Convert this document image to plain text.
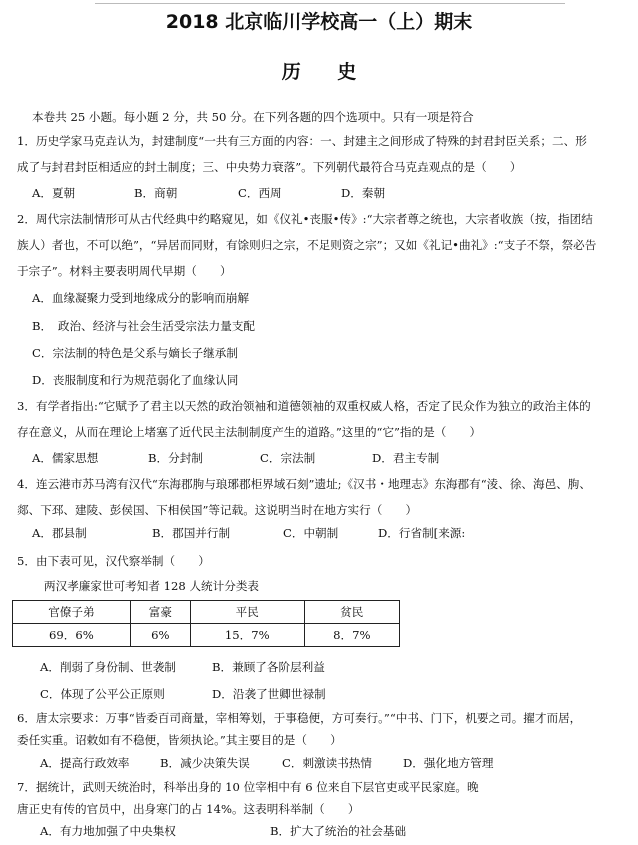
2018 北京临川学校高一（上）期末
历 史
本卷共 25 小题。每小题 2 分，共 50 分。在下列各题的四个选项中。只有一项是符合
1．历史学家马克垚认为，封建制度“一共有三方面的内容：一、封建主之间形成了特殊的封君封臣关系；二、形
成了与封君封臣相适应的封土制度；三、中央势力衰落”。下列朝代最符合马克垚观点的是（　　）
A．夏朝	B．商朝	C．西周	D．秦朝
2．周代宗法制情形可从古代经典中约略窥见，如《仪礼•丧服•传》:“大宗者尊之统也，大宗者收族（按，指团结
族人）者也，不可以绝”，“异居而同财，有馀则归之宗，不足则资之宗”；又如《礼记•曲礼》:“支子不祭，祭必告
于宗子”。材料主要表明周代早期（　　）
A．血缘凝聚力受到地缘成分的影响而崩解
B．　政治、经济与社会生活受宗法力量支配
C．宗法制的特色是父系与嫡长子继承制
D．丧服制度和行为规范弱化了血缘认同
3．有学者指出:“它赋予了君主以天然的政治领袖和道德领袖的双重权威人格，否定了民众作为独立的政治主体的
存在意义，从而在理论上堵塞了近代民主法制制度产生的道路。”这里的“它”指的是（　　）
A．儒家思想	B．分封制	C．宗法制	D．君主专制
4．连云港市苏马湾有汉代“东海郡朐与琅琊郡柜界域石刻”遗址;《汉书・地理志》东海郡有“淩、徐、海邑、朐、
郯、下邳、建陵、彭侯国、下相侯国”等记载。这说明当时在地方实行（　　）
A．郡县制	B．郡国并行制	C．中朝制	D．行省制[来源:
5．由下表可见，汉代察举制（　　）
两汉孝廉家世可考知者 128 人统计分类表
官僚子弟	富豪	平民	贫民
69．6%	6%	15．7%	8．7%
A．削弱了身份制、世袭制	B．兼顾了各阶层利益
C．体现了公平公正原则	D．沿袭了世卿世禄制
6．唐太宗要求：万事“皆委百司商量，宰相筹划，于事稳便，方可奏行。”“中书、门下，机要之司。擢才而居，
委任实重。诏敕如有不稳便，皆须执论。”其主要目的是（　　）
A．提高行政效率	B．减少决策失误	C．刺激读书热情	D．强化地方管理
7．据统计，武则天统治时，科举出身的 10 位宰相中有 6 位来自下层官吏或平民家庭。晚
唐正史有传的官员中，出身寒门的占 14%。这表明科举制（　　）
A．有力地加强了中央集权	B．扩大了统治的社会基础
